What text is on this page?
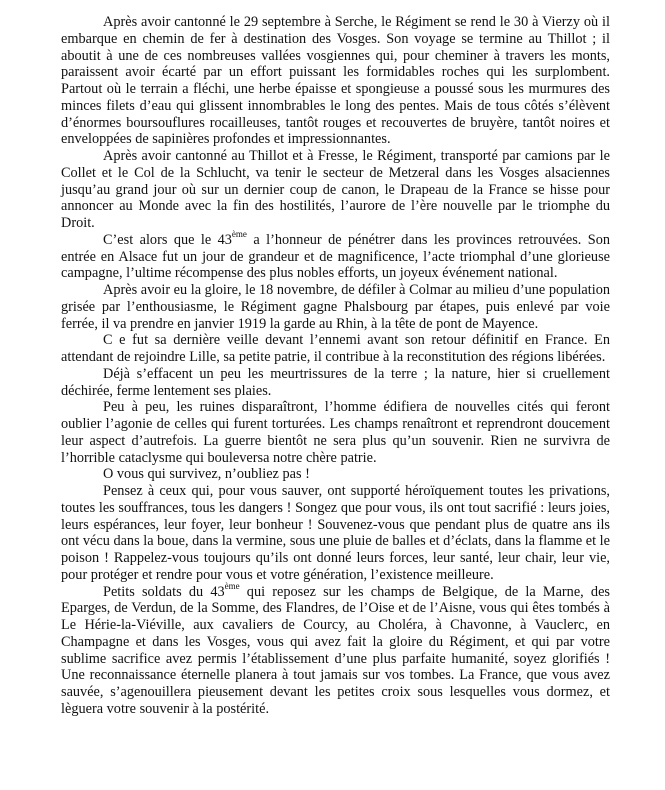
Après avoir cantonné le 29 septembre à Serche, le Régiment se rend le 30 à Vierzy où il embarque en chemin de fer à destination des Vosges. Son voyage se termine au Thillot ; il aboutit à une de ces nombreuses vallées vosgiennes qui, pour cheminer à travers les monts, paraissent avoir écarté par un effort puissant les formidables roches qui les surplombent. Partout où le terrain a fléchi, une herbe épaisse et spongieuse a poussé sous les murmures des minces filets d’eau qui glissent innombrables le long des pentes. Mais de tous côtés s’élèvent d’énormes boursouflures rocailleuses, tantôt rouges et recouvertes de bruyère, tantôt noires et enveloppées de sapinières profondes et impressionnantes.

Après avoir cantonné au Thillot et à Fresse, le Régiment, transporté par camions par le Collet et le Col de la Schlucht, va tenir le secteur de Metzeral dans les Vosges alsaciennes jusqu’au grand jour où sur un dernier coup de canon, le Drapeau de la France se hisse pour annoncer au Monde avec la fin des hostilités, l’aurore de l’ère nouvelle par le triomphe du Droit.

C’est alors que le 43ème a l’honneur de pénétrer dans les provinces retrouvées. Son entrée en Alsace fut un jour de grandeur et de magnificence, l’acte triomphal d’une glorieuse campagne, l’ultime récompense des plus nobles efforts, un joyeux événement national.

Après avoir eu la gloire, le 18 novembre, de défiler à Colmar au milieu d’une population grisée par l’enthousiasme, le Régiment gagne Phalsbourg par étapes, puis enlevé par voie ferrée, il va prendre en janvier 1919 la garde au Rhin, à la tête de pont de Mayence.

C e fut sa dernière veille devant l’ennemi avant son retour définitif en France. En attendant de rejoindre Lille, sa petite patrie, il contribue à la reconstitution des régions libérées.

Déjà s’effacent un peu les meurtrissures de la terre ; la nature, hier si cruellement déchirée, ferme lentement ses plaies.

Peu à peu, les ruines disparaîtront, l’homme édifiera de nouvelles cités qui feront oublier l’agonie de celles qui furent torturées. Les champs renaîtront et reprendront doucement leur aspect d’autrefois. La guerre bientôt ne sera plus qu’un souvenir. Rien ne survivra de l’horrible cataclysme qui bouleversa notre chère patrie.

O vous qui survivez, n’oubliez pas !

Pensez à ceux qui, pour vous sauver, ont supporté héroïquement toutes les privations, toutes les souffrances, tous les dangers ! Songez que pour vous, ils ont tout sacrifié : leurs joies, leurs espérances, leur foyer, leur bonheur ! Souvenez-vous que pendant plus de quatre ans ils ont vécu dans la boue, dans la vermine, sous une pluie de balles et d’éclats, dans la flamme et le poison ! Rappelez-vous toujours qu’ils ont donné leurs forces, leur santé, leur chair, leur vie, pour protéger et rendre pour vous et votre génération, l’existence meilleure.

Petits soldats du 43ème qui reposez sur les champs de Belgique, de la Marne, des Eparges, de Verdun, de la Somme, des Flandres, de l’Oise et de l’Aisne, vous qui êtes tombés à Le Hérie-la-Viéville, aux cavaliers de Courcy, au Choléra, à Chavonne, à Vauclerc, en Champagne et dans les Vosges, vous qui avez fait la gloire du Régiment, et qui par votre sublime sacrifice avez permis l’établissement d’une plus parfaite humanité, soyez glorifiés ! Une reconnaissance éternelle planera à tout jamais sur vos tombes. La France, que vous avez sauvée, s’agenouillera pieusement devant les petites croix sous lesquelles vous dormez, et lèguera votre souvenir à la postérité.
